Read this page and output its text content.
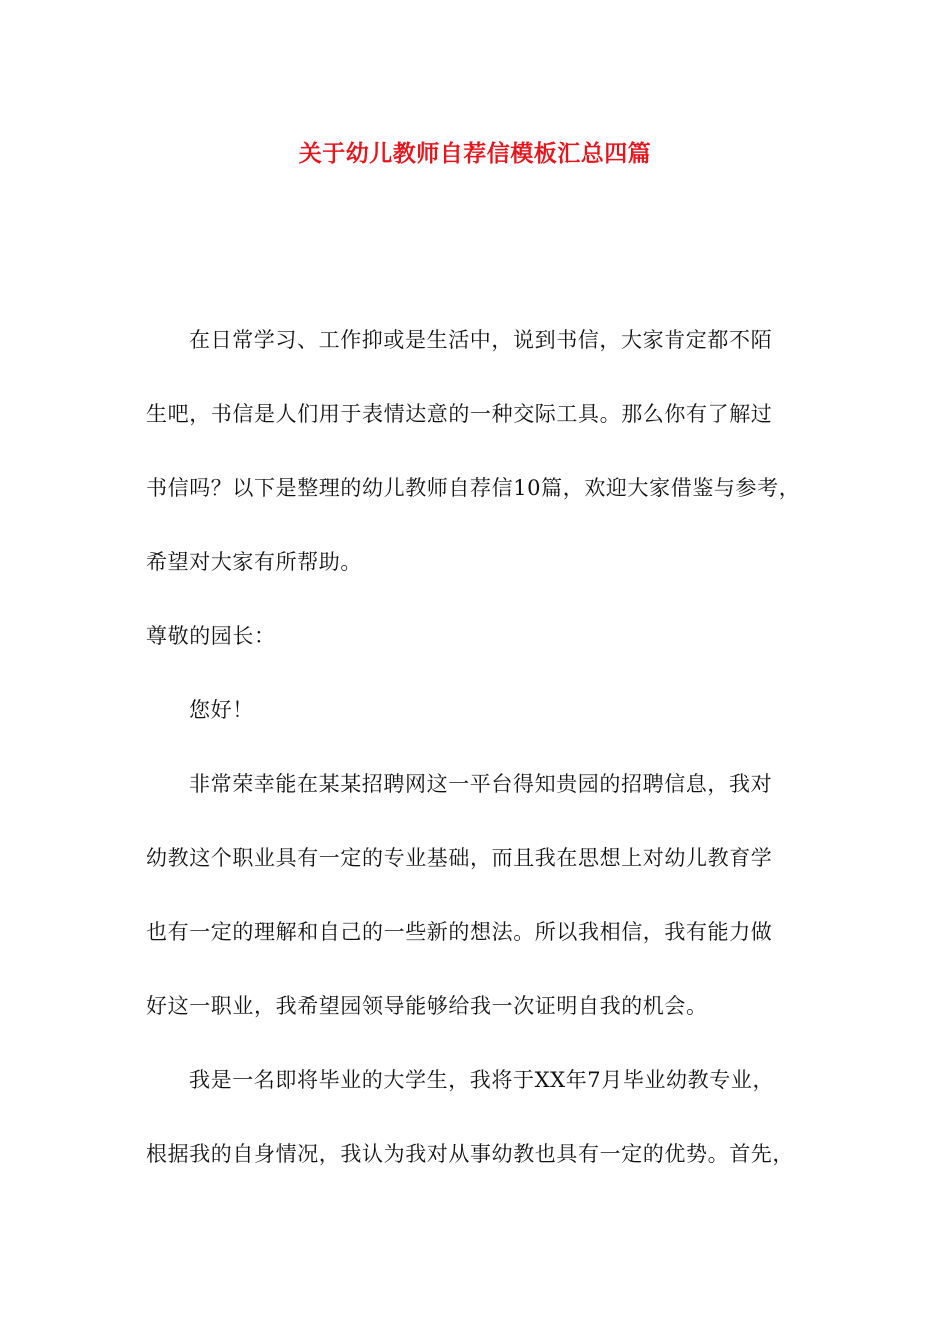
关于幼儿教师自荐信模板汇总四篇
在日常学习、工作抑或是生活中，说到书信，大家肯定都不陌
生吧，书信是人们用于表情达意的一种交际工具。那么你有了解过
书信吗？以下是整理的幼儿教师自荐信10篇，欢迎大家借鉴与参考，
希望对大家有所帮助。
尊敬的园长：
您好！
非常荣幸能在某某招聘网这一平台得知贵园的招聘信息，我对
幼教这个职业具有一定的专业基础，而且我在思想上对幼儿教育学
也有一定的理解和自己的一些新的想法。所以我相信，我有能力做
好这一职业，我希望园领导能够给我一次证明自我的机会。
我是一名即将毕业的大学生，我将于XX年7月毕业幼教专业，
根据我的自身情况，我认为我对从事幼教也具有一定的优势。首先，
